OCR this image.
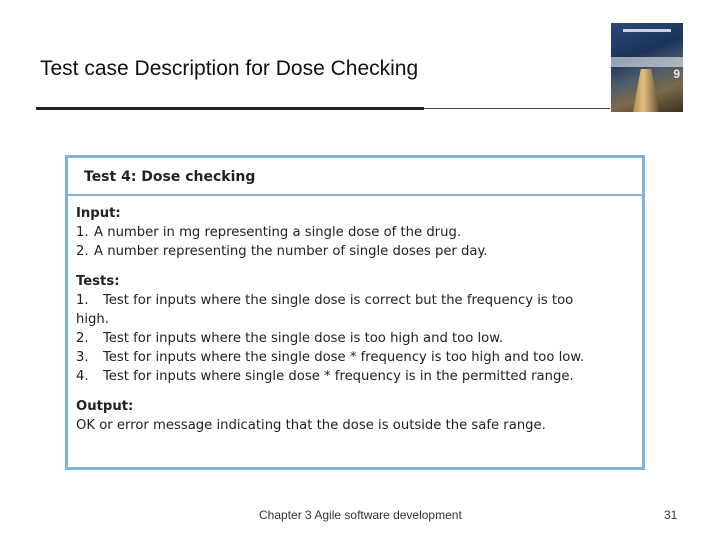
Test case Description for Dose Checking	9
Test 4: Dose checking
Input:
1. A number in mg representing a single dose of the drug.
2. A number representing the number of single doses per day.
Tests:
1.	Test for inputs where the single dose is correct but the frequency is too
high.
2.	Test for inputs where the single dose is too high and too low.
3.	Test for inputs where the single dose * frequency is too high and too low.
4.	Test for inputs where single dose * frequency is in the permitted range.
Output:
OK or error message indicating that the dose is outside the safe range.
Chapter 3 Agile software development	31
